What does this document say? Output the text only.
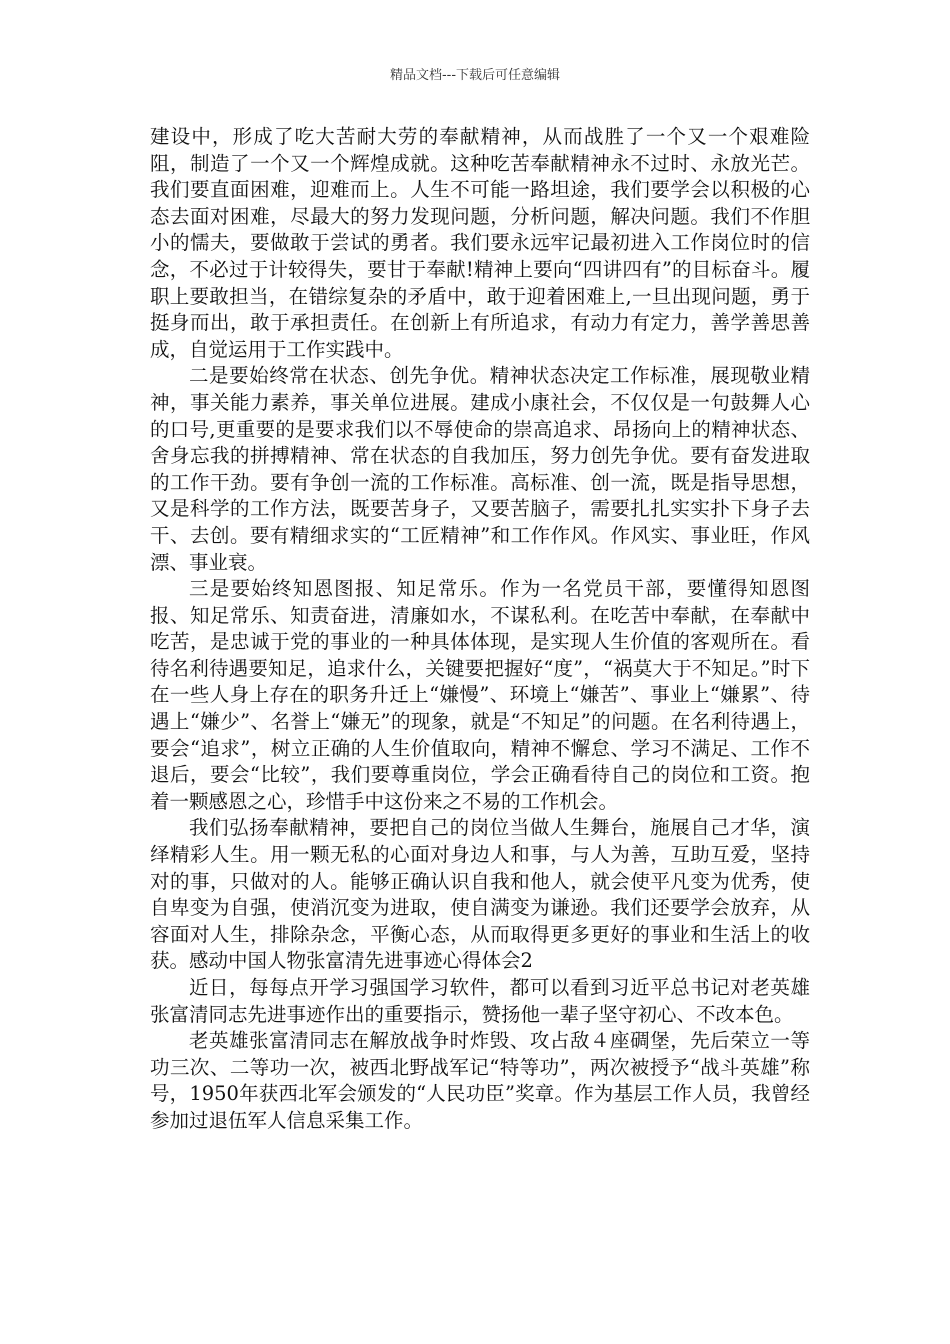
精品文档---下载后可任意编辑

建设中，形成了吃大苦耐大劳的奉献精神，从而战胜了一个又一个艰难险阻，制造了一个又一个辉煌成就。这种吃苦奉献精神永不过时、永放光芒。我们要直面困难，迎难而上。人生不可能一路坦途，我们要学会以积极的心态去面对困难，尽最大的努力发现问题，分析问题，解决问题。我们不作胆小的懦夫，要做敢于尝试的勇者。我们要永远牢记最初进入工作岗位时的信念，不必过于计较得失，要甘于奉献!精神上要向“四讲四有”的目标奋斗。履职上要敢担当，在错综复杂的矛盾中，敢于迎着困难上,一旦出现问题，勇于挺身而出，敢于承担责任。在创新上有所追求，有动力有定力，善学善思善成，自觉运用于工作实践中。

二是要始终常在状态、创先争优。精神状态决定工作标准，展现敬业精神，事关能力素养，事关单位进展。建成小康社会，不仅仅是一句鼓舞人心的口号,更重要的是要求我们以不辱使命的崇高追求、昂扬向上的精神状态、舍身忘我的拼搏精神、常在状态的自我加压，努力创先争优。要有奋发进取的工作干劲。要有争创一流的工作标准。高标准、创一流，既是指导思想，又是科学的工作方法，既要苦身子，又要苦脑子，需要扎扎实实扑下身子去干、去创。要有精细求实的“工匠精神”和工作作风。作风实、事业旺，作风漂、事业衰。

三是要始终知恩图报、知足常乐。作为一名党员干部，要懂得知恩图报、知足常乐、知责奋进，清廉如水，不谋私利。在吃苦中奉献，在奉献中吃苦，是忠诚于党的事业的一种具体体现，是实现人生价值的客观所在。看待名利待遇要知足，追求什么，关键要把握好“度”，“祸莫大于不知足。”时下在一些人身上存在的职务升迁上“嫌慢”、环境上“嫌苦”、事业上“嫌累”、待遇上“嫌少”、名誉上“嫌无”的现象，就是“不知足”的问题。在名利待遇上，要会“追求”，树立正确的人生价值取向，精神不懈怠、学习不满足、工作不退后，要会“比较”，我们要尊重岗位，学会正确看待自己的岗位和工资。抱着一颗感恩之心，珍惜手中这份来之不易的工作机会。

我们弘扬奉献精神，要把自己的岗位当做人生舞台，施展自己才华，演绎精彩人生。用一颗无私的心面对身边人和事，与人为善，互助互爱，坚持对的事，只做对的人。能够正确认识自我和他人，就会使平凡变为优秀，使自卑变为自强，使消沉变为进取，使自满变为谦逊。我们还要学会放弃，从容面对人生，排除杂念，平衡心态，从而取得更多更好的事业和生活上的收获。感动中国人物张富清先进事迹心得体会2

近日，每每点开学习强国学习软件，都可以看到习近平总书记对老英雄张富清同志先进事迹作出的重要指示，赞扬他一辈子坚守初心、不改本色。

老英雄张富清同志在解放战争时炸毁、攻占敌４座碉堡，先后荣立一等功三次、二等功一次，被西北野战军记“特等功”，两次被授予“战斗英雄”称号，1950年获西北军会颁发的“人民功臣”奖章。作为基层工作人员，我曾经参加过退伍军人信息采集工作。
